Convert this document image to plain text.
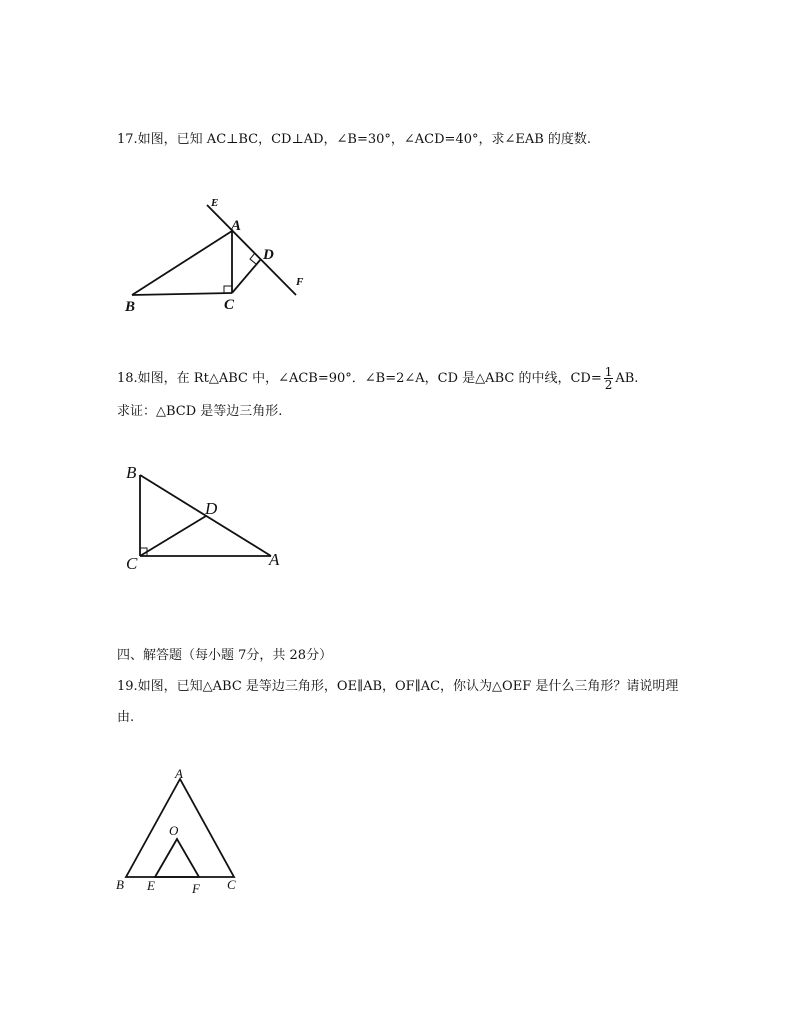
17.如图，已知 AC⊥BC，CD⊥AD，∠B=30°，∠ACD=40°，求∠EAB 的度数.
E
A
D
F
B	C
18.如图，在 Rt△ABC 中，∠ACB=90°．∠B=2∠A，CD 是△ABC 的中线，$CD= \frac{1}{2}$ AB.
求证：△BCD 是等边三角形.
B
D
C	A
四、解答题（每小题 7分，共 28分）
19.如图，已知△ABC 是等边三角形，OE∥AB，OF∥AC，你认为△OEF 是什么三角形？请说明理
由.
A
O
B E	F C
